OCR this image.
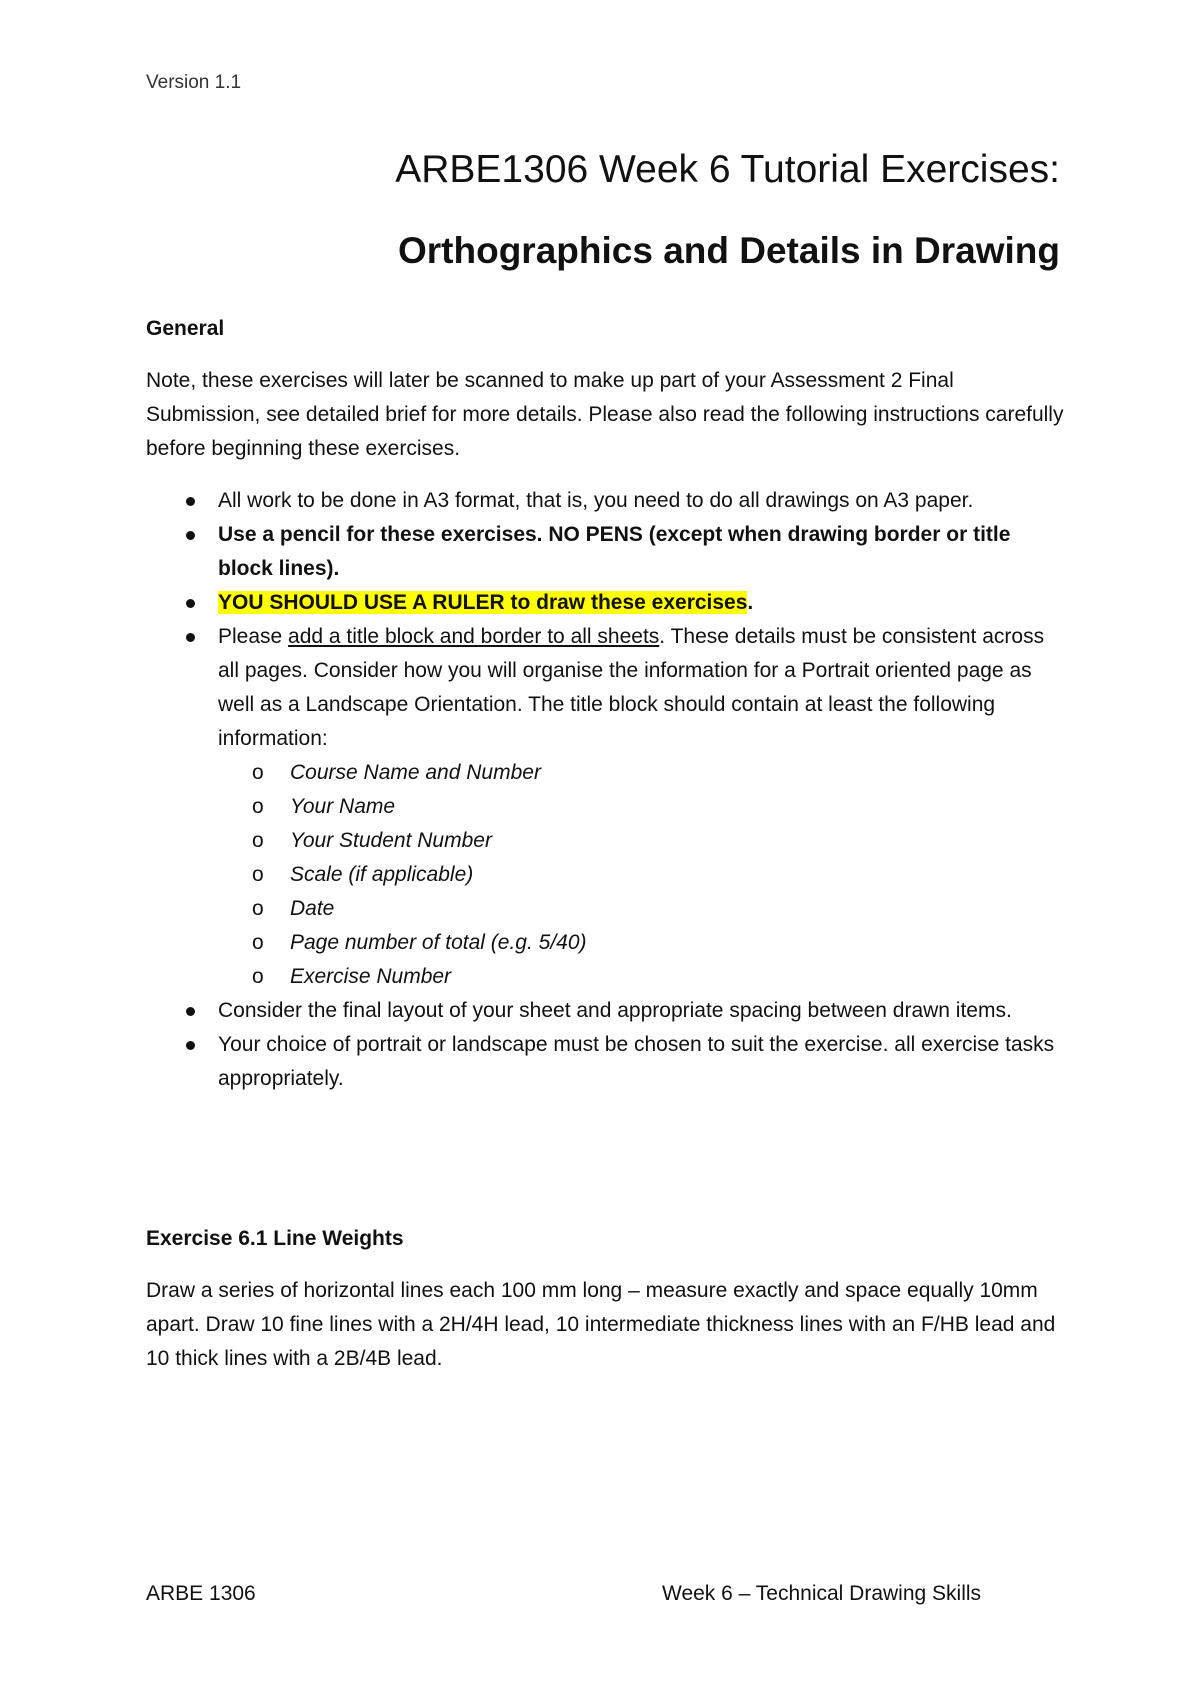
Version 1.1
ARBE1306 Week 6 Tutorial Exercises:
Orthographics and Details in Drawing
General
Note, these exercises will later be scanned to make up part of your Assessment 2 Final Submission, see detailed brief for more details. Please also read the following instructions carefully before beginning these exercises.
All work to be done in A3 format, that is, you need to do all drawings on A3 paper.
Use a pencil for these exercises. NO PENS (except when drawing border or title block lines).
YOU SHOULD USE A RULER to draw these exercises.
Please add a title block and border to all sheets. These details must be consistent across all pages. Consider how you will organise the information for a Portrait oriented page as well as a Landscape Orientation. The title block should contain at least the following information:
o Course Name and Number
o Your Name
o Your Student Number
o Scale (if applicable)
o Date
o Page number of total (e.g. 5/40)
o Exercise Number
Consider the final layout of your sheet and appropriate spacing between drawn items.
Your choice of portrait or landscape must be chosen to suit the exercise. all exercise tasks appropriately.
Exercise 6.1 Line Weights
Draw a series of horizontal lines each 100 mm long – measure exactly and space equally 10mm apart. Draw 10 fine lines with a 2H/4H lead, 10 intermediate thickness lines with an F/HB lead and 10 thick lines with a 2B/4B lead.
ARBE 1306	Week 6 – Technical Drawing Skills
